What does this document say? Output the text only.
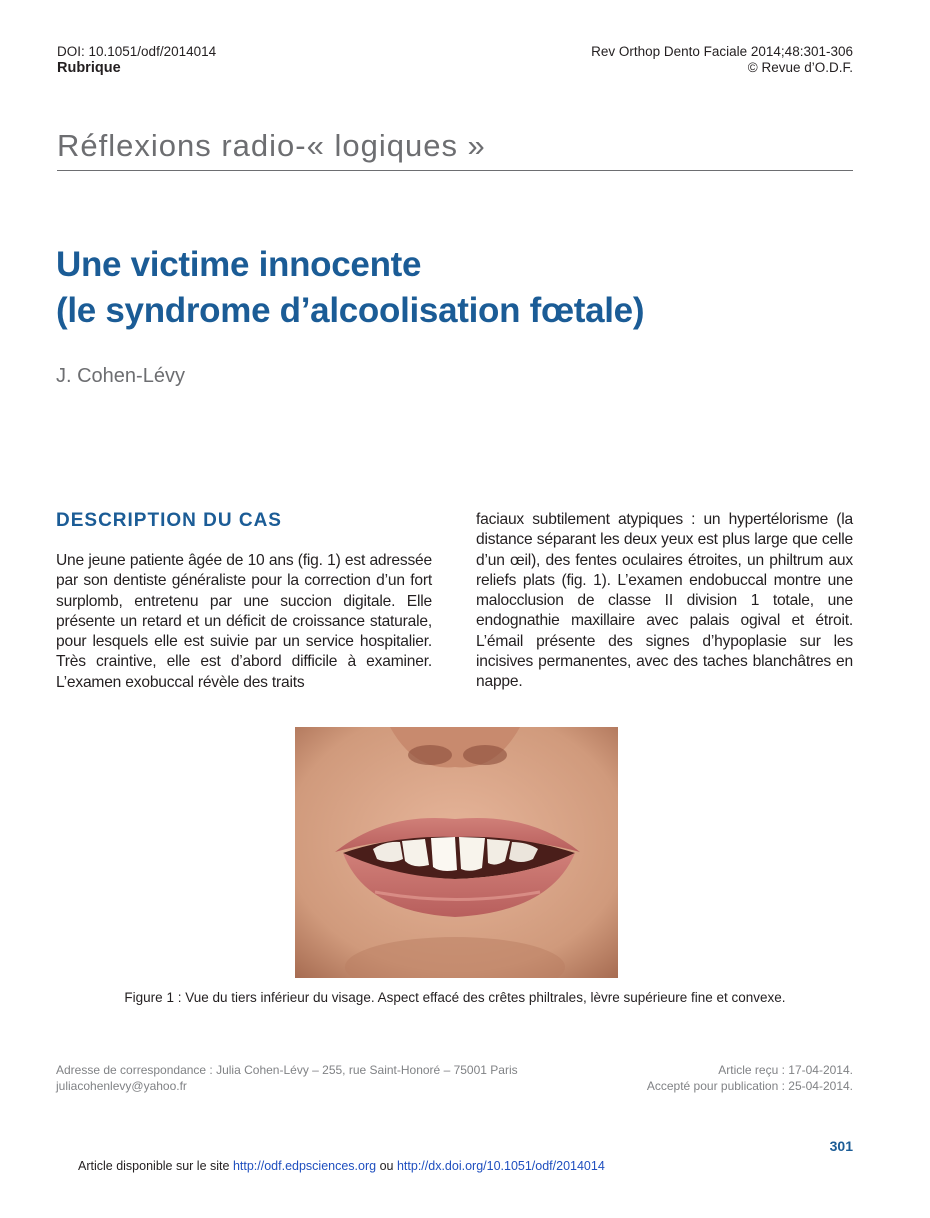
DOI: 10.1051/odf/2014014
Rubrique
Rev Orthop Dento Faciale 2014;48:301-306
© Revue d’O.D.F.
Réflexions radio-« logiques »
Une victime innocente
(le syndrome d’alcoolisation fœtale)
J. Cohen-Lévy
DESCRIPTION DU CAS
Une jeune patiente âgée de 10 ans (fig. 1) est adressée par son dentiste généraliste pour la correction d’un fort surplomb, entretenu par une succion digitale. Elle présente un retard et un déficit de croissance staturale, pour lesquels elle est suivie par un service hospitalier. Très craintive, elle est d’abord difficile à examiner. L’examen exobuccal révèle des traits
faciaux subtilement atypiques : un hypertélorisme (la distance séparant les deux yeux est plus large que celle d’un œil), des fentes oculaires étroites, un philtrum aux reliefs plats (fig. 1). L’examen endobuccal montre une malocclusion de classe II division 1 totale, une endognathie maxillaire avec palais ogival et étroit. L’émail présente des signes d’hypoplasie sur les incisives permanentes, avec des taches blanchâtres en nappe.
Figure 1 : Vue du tiers inférieur du visage. Aspect effacé des crêtes philtrales, lèvre supérieure fine et convexe.
Adresse de correspondance : Julia Cohen-Lévy – 255, rue Saint-Honoré – 75001 Paris
juliacohenlevy@yahoo.fr
Article reçu : 17-04-2014.
Accepté pour publication : 25-04-2014.
301
Article disponible sur le site http://odf.edpsciences.org ou http://dx.doi.org/10.1051/odf/2014014
